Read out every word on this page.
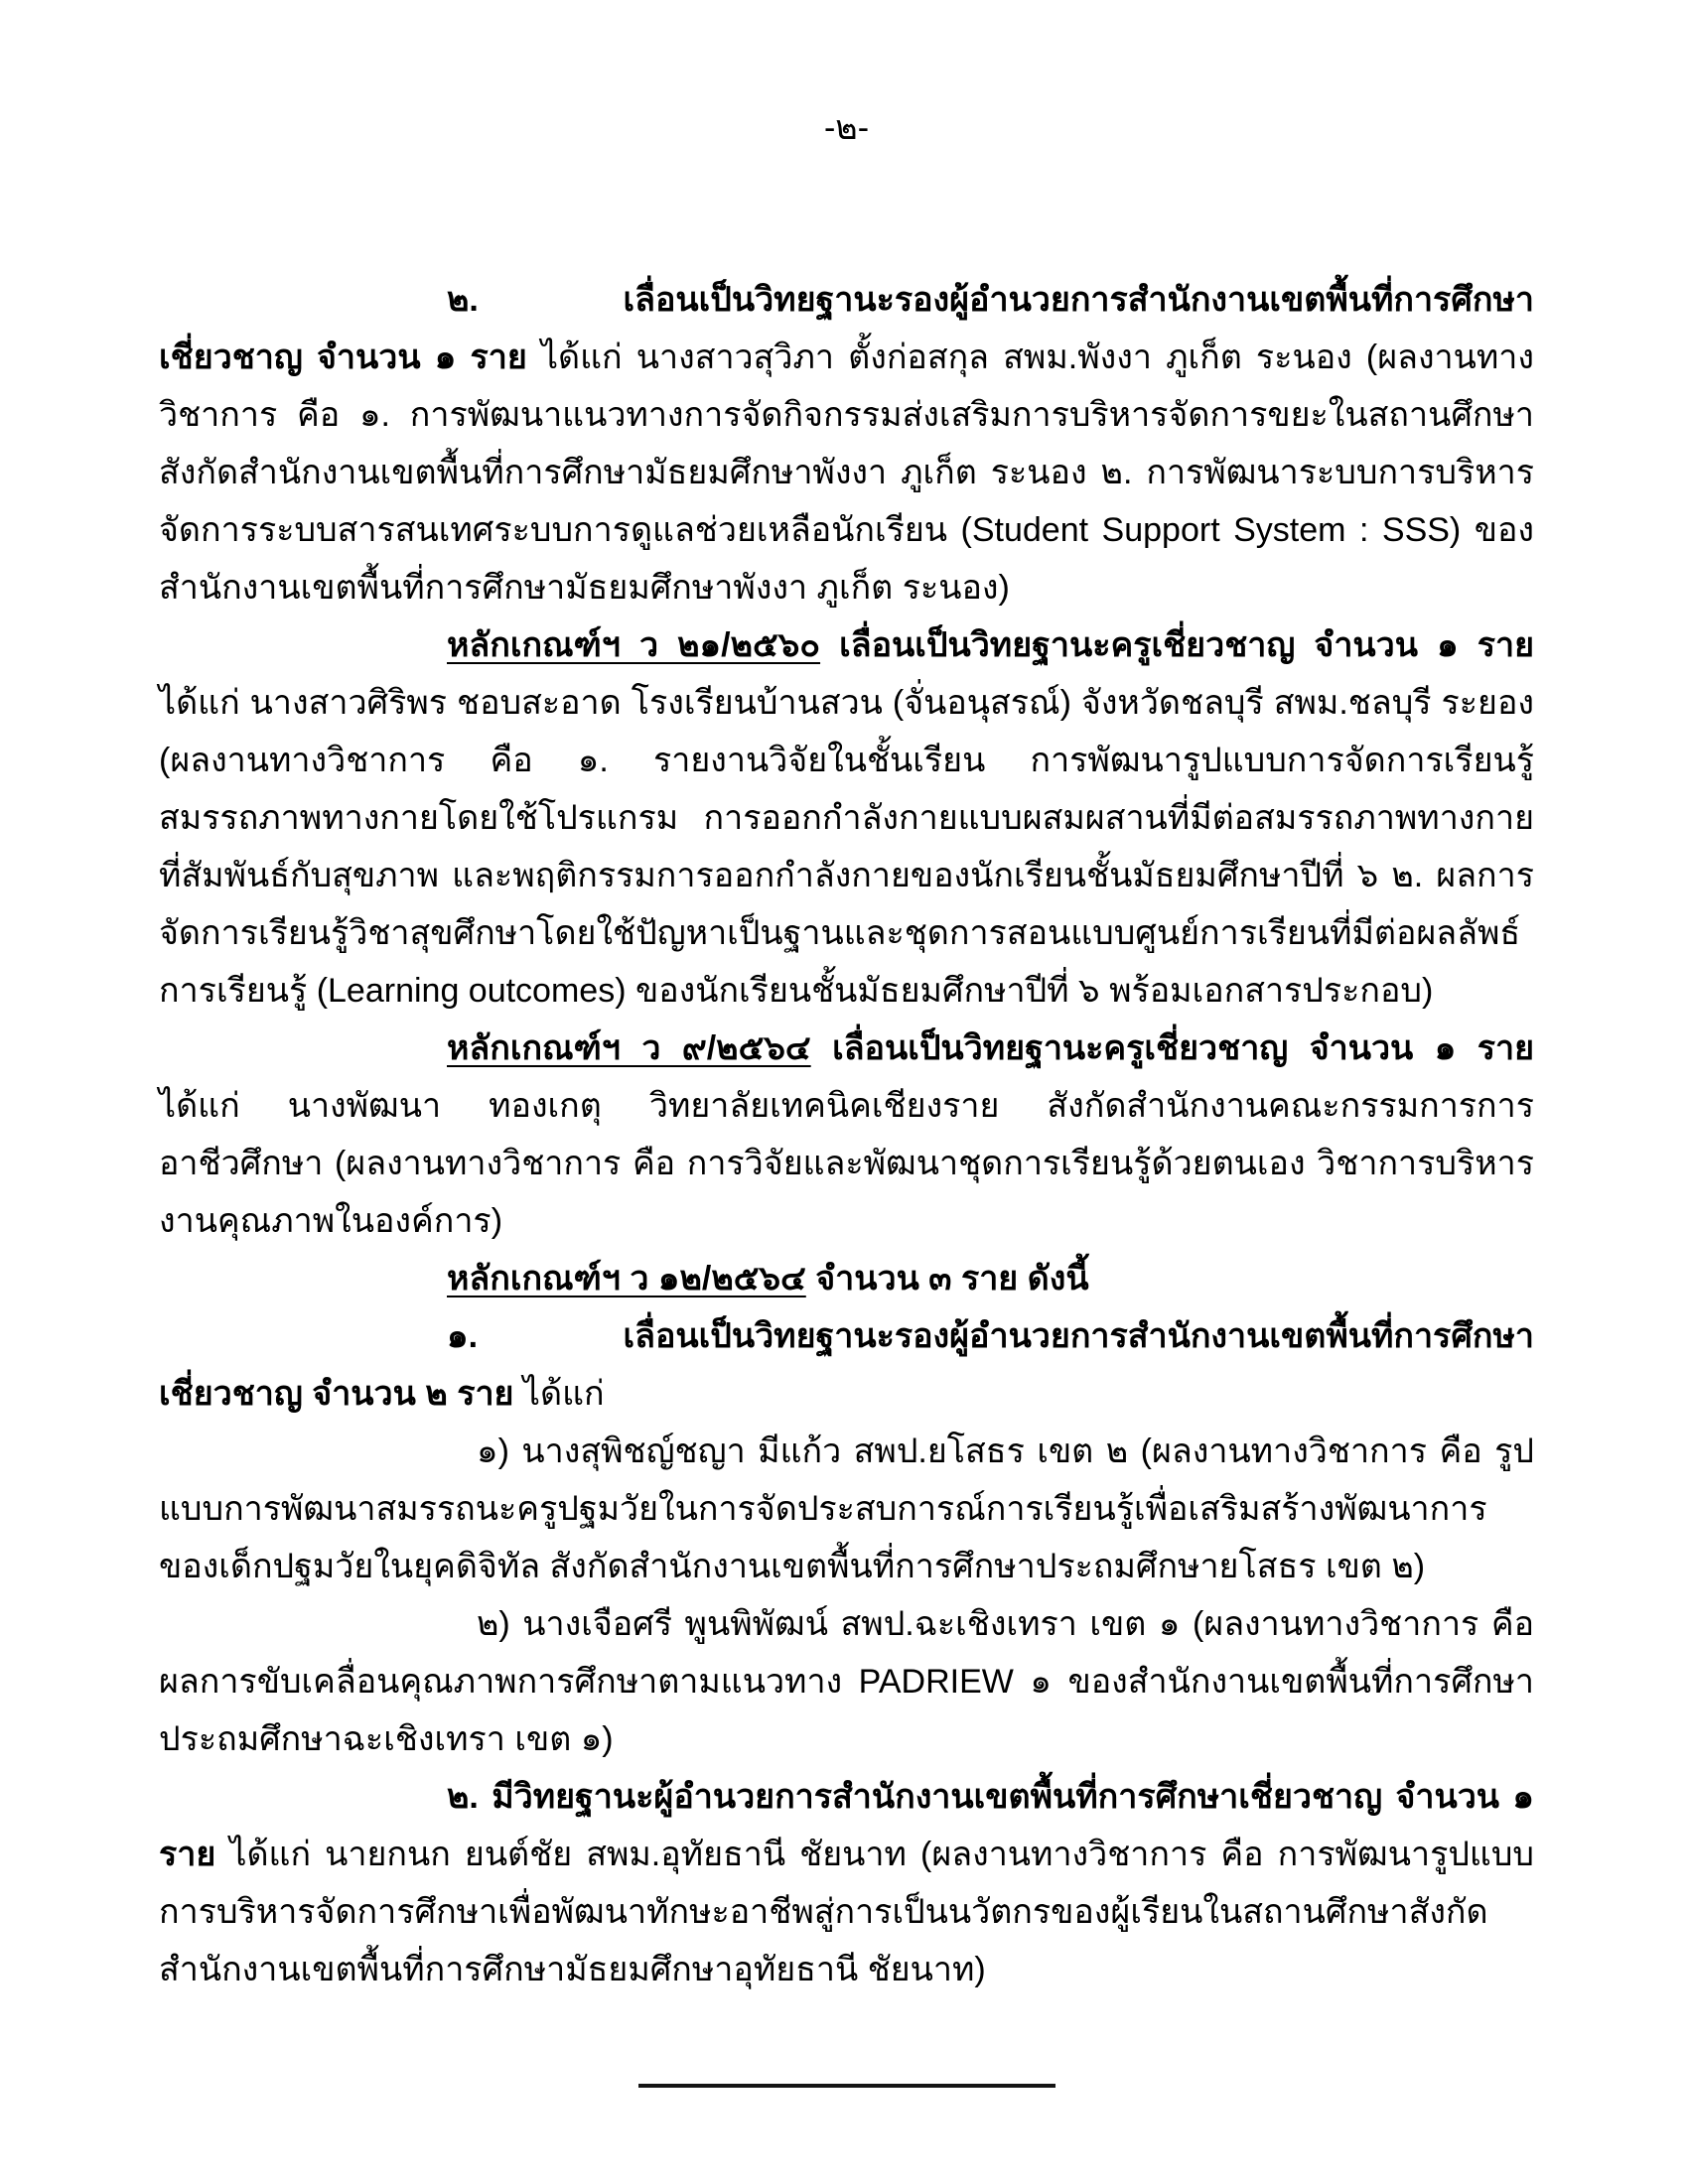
-๒-

๒. เลื่อนเป็นวิทยฐานะรองผู้อำนวยการสำนักงานเขตพื้นที่การศึกษาเชี่ยวชาญ จำนวน ๑ ราย ได้แก่ นางสาวสุวิภา ตั้งก่อสกุล สพม.พังงา ภูเก็ต ระนอง (ผลงานทางวิชาการ คือ ๑. การพัฒนาแนวทางการจัดกิจกรรมส่งเสริมการบริหารจัดการขยะในสถานศึกษา สังกัดสำนักงานเขตพื้นที่การศึกษามัธยมศึกษาพังงา ภูเก็ต ระนอง ๒. การพัฒนาระบบการบริหารจัดการระบบสารสนเทศระบบการดูแลช่วยเหลือนักเรียน (Student Support System : SSS) ของสำนักงานเขตพื้นที่การศึกษามัธยมศึกษาพังงา ภูเก็ต ระนอง)

หลักเกณฑ์ฯ ว ๒๑/๒๕๖๐ เลื่อนเป็นวิทยฐานะครูเชี่ยวชาญ จำนวน ๑ ราย ได้แก่ นางสาวศิริพร ชอบสะอาด โรงเรียนบ้านสวน (จั่นอนุสรณ์) จังหวัดชลบุรี สพม.ชลบุรี ระยอง (ผลงานทางวิชาการ คือ ๑. รายงานวิจัยในชั้นเรียน การพัฒนารูปแบบการจัดการเรียนรู้สมรรถภาพทางกายโดยใช้โปรแกรม การออกกำลังกายแบบผสมผสานที่มีต่อสมรรถภาพทางกายที่สัมพันธ์กับสุขภาพ และพฤติกรรมการออกกำลังกายของนักเรียนชั้นมัธยมศึกษาปีที่ ๖ ๒. ผลการจัดการเรียนรู้วิชาสุขศึกษาโดยใช้ปัญหาเป็นฐานและชุดการสอนแบบศูนย์การเรียนที่มีต่อผลลัพธ์การเรียนรู้ (Learning outcomes) ของนักเรียนชั้นมัธยมศึกษาปีที่ ๖ พร้อมเอกสารประกอบ)

หลักเกณฑ์ฯ ว ๙/๒๕๖๔ เลื่อนเป็นวิทยฐานะครูเชี่ยวชาญ จำนวน ๑ ราย ได้แก่ นางพัฒนา ทองเกตุ วิทยาลัยเทคนิคเชียงราย สังกัดสำนักงานคณะกรรมการการอาชีวศึกษา (ผลงานทางวิชาการ คือ การวิจัยและพัฒนาชุดการเรียนรู้ด้วยตนเอง วิชาการบริหารงานคุณภาพในองค์การ)

หลักเกณฑ์ฯ ว ๑๒/๒๕๖๔ จำนวน ๓ ราย ดังนี้

๑. เลื่อนเป็นวิทยฐานะรองผู้อำนวยการสำนักงานเขตพื้นที่การศึกษาเชี่ยวชาญ จำนวน ๒ ราย ได้แก่

๑) นางสุพิชญ์ชญา มีแก้ว สพป.ยโสธร เขต ๒ (ผลงานทางวิชาการ คือ รูปแบบการพัฒนาสมรรถนะครูปฐมวัยในการจัดประสบการณ์การเรียนรู้เพื่อเสริมสร้างพัฒนาการของเด็กปฐมวัยในยุคดิจิทัล สังกัดสำนักงานเขตพื้นที่การศึกษาประถมศึกษายโสธร เขต ๒)

๒) นางเจือศรี พูนพิพัฒน์ สพป.ฉะเชิงเทรา เขต ๑ (ผลงานทางวิชาการ คือ ผลการขับเคลื่อนคุณภาพการศึกษาตามแนวทาง PADRIEW ๑ ของสำนักงานเขตพื้นที่การศึกษาประถมศึกษาฉะเชิงเทรา เขต ๑)

๒. มีวิทยฐานะผู้อำนวยการสำนักงานเขตพื้นที่การศึกษาเชี่ยวชาญ จำนวน ๑ ราย ได้แก่ นายกนก ยนต์ชัย สพม.อุทัยธานี ชัยนาท (ผลงานทางวิชาการ คือ การพัฒนารูปแบบการบริหารจัดการศึกษาเพื่อพัฒนาทักษะอาชีพสู่การเป็นนวัตกรของผู้เรียนในสถานศึกษาสังกัดสำนักงานเขตพื้นที่การศึกษามัธยมศึกษาอุทัยธานี ชัยนาท)
